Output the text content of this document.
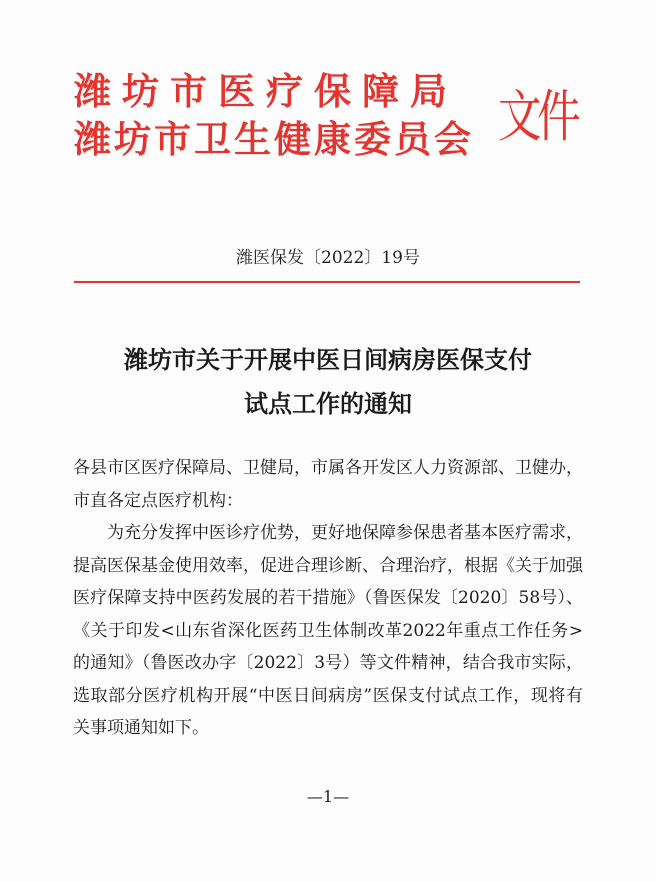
潍坊市医疗保障局
潍坊市卫生健康委员会 文件
潍医保发〔2022〕19号
潍坊市关于开展中医日间病房医保支付
试点工作的通知

各县市区医疗保障局、卫健局，市属各开发区人力资源部、卫健办，市直各定点医疗机构：

为充分发挥中医诊疗优势，更好地保障参保患者基本医疗需求，提高医保基金使用效率，促进合理诊断、合理治疗，根据《关于加强医疗保障支持中医药发展的若干措施》（鲁医保发〔2020〕58号）、《关于印发<山东省深化医药卫生体制改革2022年重点工作任务>的通知》（鲁医改办字〔2022〕3号）等文件精神，结合我市实际，选取部分医疗机构开展“中医日间病房”医保支付试点工作，现将有关事项通知如下。

—1—
